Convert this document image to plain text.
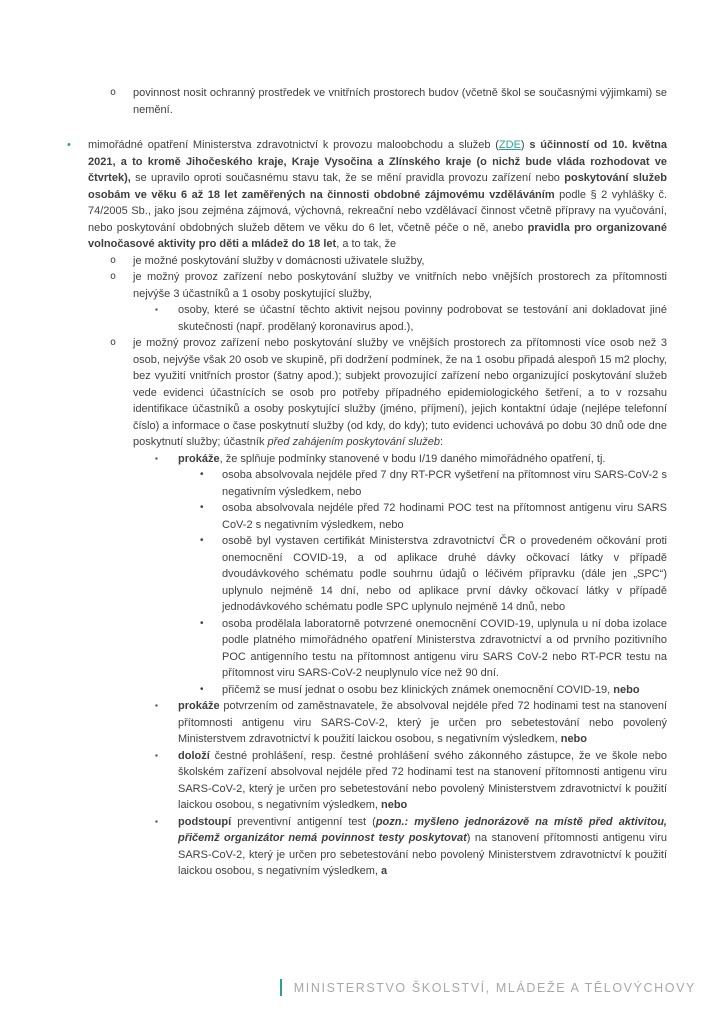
o	povinnost nosit ochranný prostředek ve vnitřních prostorech budov (včetně škol se současnými výjimkami) se nemění.
•	mimořádné opatření Ministerstva zdravotnictví k provozu maloobchodu a služeb (ZDE) s účinností od 10. května 2021, a to kromě Jihočeského kraje, Kraje Vysočina a Zlínského kraje (o nichž bude vláda rozhodovat ve čtvrtek), se upravilo oproti současnému stavu tak, že se mění pravidla provozu zařízení nebo poskytování služeb osobám ve věku 6 až 18 let zaměřených na činnosti obdobné zájmovému vzděláváním podle § 2 vyhlášky č. 74/2005 Sb., jako jsou zejména zájmová, výchovná, rekreační nebo vzdělávací činnost včetně přípravy na vyučování, nebo poskytování obdobných služeb dětem ve věku do 6 let, včetně péče o ně, anebo pravidla pro organizované volnočasové aktivity pro děti a mládež do 18 let, a to tak, že
o	je možné poskytování služby v domácnosti uživatele služby,
o	je možný provoz zařízení nebo poskytování služby ve vnitřních nebo vnějších prostorech za přítomnosti nejvýše 3 účastníků a 1 osoby poskytující služby,
▪	osoby, které se účastní těchto aktivit nejsou povinny podrobovat se testování ani dokladovat jiné skutečnosti (např. prodělaný koronavirus apod.),
o	je možný provoz zařízení nebo poskytování služby ve vnějších prostorech za přítomnosti více osob než 3 osob, nejvýše však 20 osob ve skupině, při dodržení podmínek, že na 1 osobu připadá alespoň 15 m2 plochy, bez využití vnitřních prostor (šatny apod.); subjekt provozující zařízení nebo organizující poskytování služeb vede evidenci účastnících se osob pro potřeby případného epidemiologického šetření, a to v rozsahu identifikace účastníků a osoby poskytující služby (jméno, příjmení), jejich kontaktní údaje (nejlépe telefonní číslo) a informace o čase poskytnutí služby (od kdy, do kdy); tuto evidenci uchovává po dobu 30 dnů ode dne poskytnutí služby; účastník před zahájením poskytování služeb:
▪	prokáže, že splňuje podmínky stanovené v bodu I/19 daného mimořádného opatření, tj.
•	osoba absolvovala nejdéle před 7 dny RT-PCR vyšetření na přítomnost viru SARS-CoV-2 s negativním výsledkem, nebo
•	osoba absolvovala nejdéle před 72 hodinami POC test na přítomnost antigenu viru SARS CoV-2 s negativním výsledkem, nebo
•	osobě byl vystaven certifikát Ministerstva zdravotnictví ČR o provedeném očkování proti onemocnění COVID-19, a od aplikace druhé dávky očkovací látky v případě dvoudávkového schématu podle souhrnu údajů o léčivém přípravku (dále jen „SPC“) uplynulo nejméně 14 dní, nebo od aplikace první dávky očkovací látky v případě jednodávkového schématu podle SPC uplynulo nejméně 14 dnů, nebo
•	osoba prodělala laboratorně potvrzené onemocnění COVID-19, uplynula u ní doba izolace podle platného mimořádného opatření Ministerstva zdravotnictví a od prvního pozitivního POC antigenního testu na přítomnost antigenu viru SARS CoV-2 nebo RT-PCR testu na přítomnost viru SARS-CoV-2 neuplynulo více než 90 dní.
•	přičemž se musí jednat o osobu bez klinických známek onemocnění COVID-19, nebo
▪	prokáže potvrzením od zaměstnavatele, že absolvoval nejdéle před 72 hodinami test na stanovení přítomnosti antigenu viru SARS-CoV-2, který je určen pro sebetestování nebo povolený Ministerstvem zdravotnictví k použití laickou osobou, s negativním výsledkem, nebo
▪	doloží čestné prohlášení, resp. čestné prohlášení svého zákonného zástupce, že ve škole nebo školském zařízení absolvoval nejdéle před 72 hodinami test na stanovení přítomnosti antigenu viru SARS-CoV-2, který je určen pro sebetestování nebo povolený Ministerstvem zdravotnictví k použití laickou osobou, s negativním výsledkem, nebo
▪	podstoupí preventivní antigenní test (pozn.: myšleno jednorázově na místě před aktivitou, přičemž organizátor nemá povinnost testy poskytovat) na stanovení přítomnosti antigenu viru SARS-CoV-2, který je určen pro sebetestování nebo povolený Ministerstvem zdravotnictví k použití laickou osobou, s negativním výsledkem, a
MINISTERSTVO ŠKOLSTVÍ, MLÁDEŽE A TĚLOVÝCHOVY
